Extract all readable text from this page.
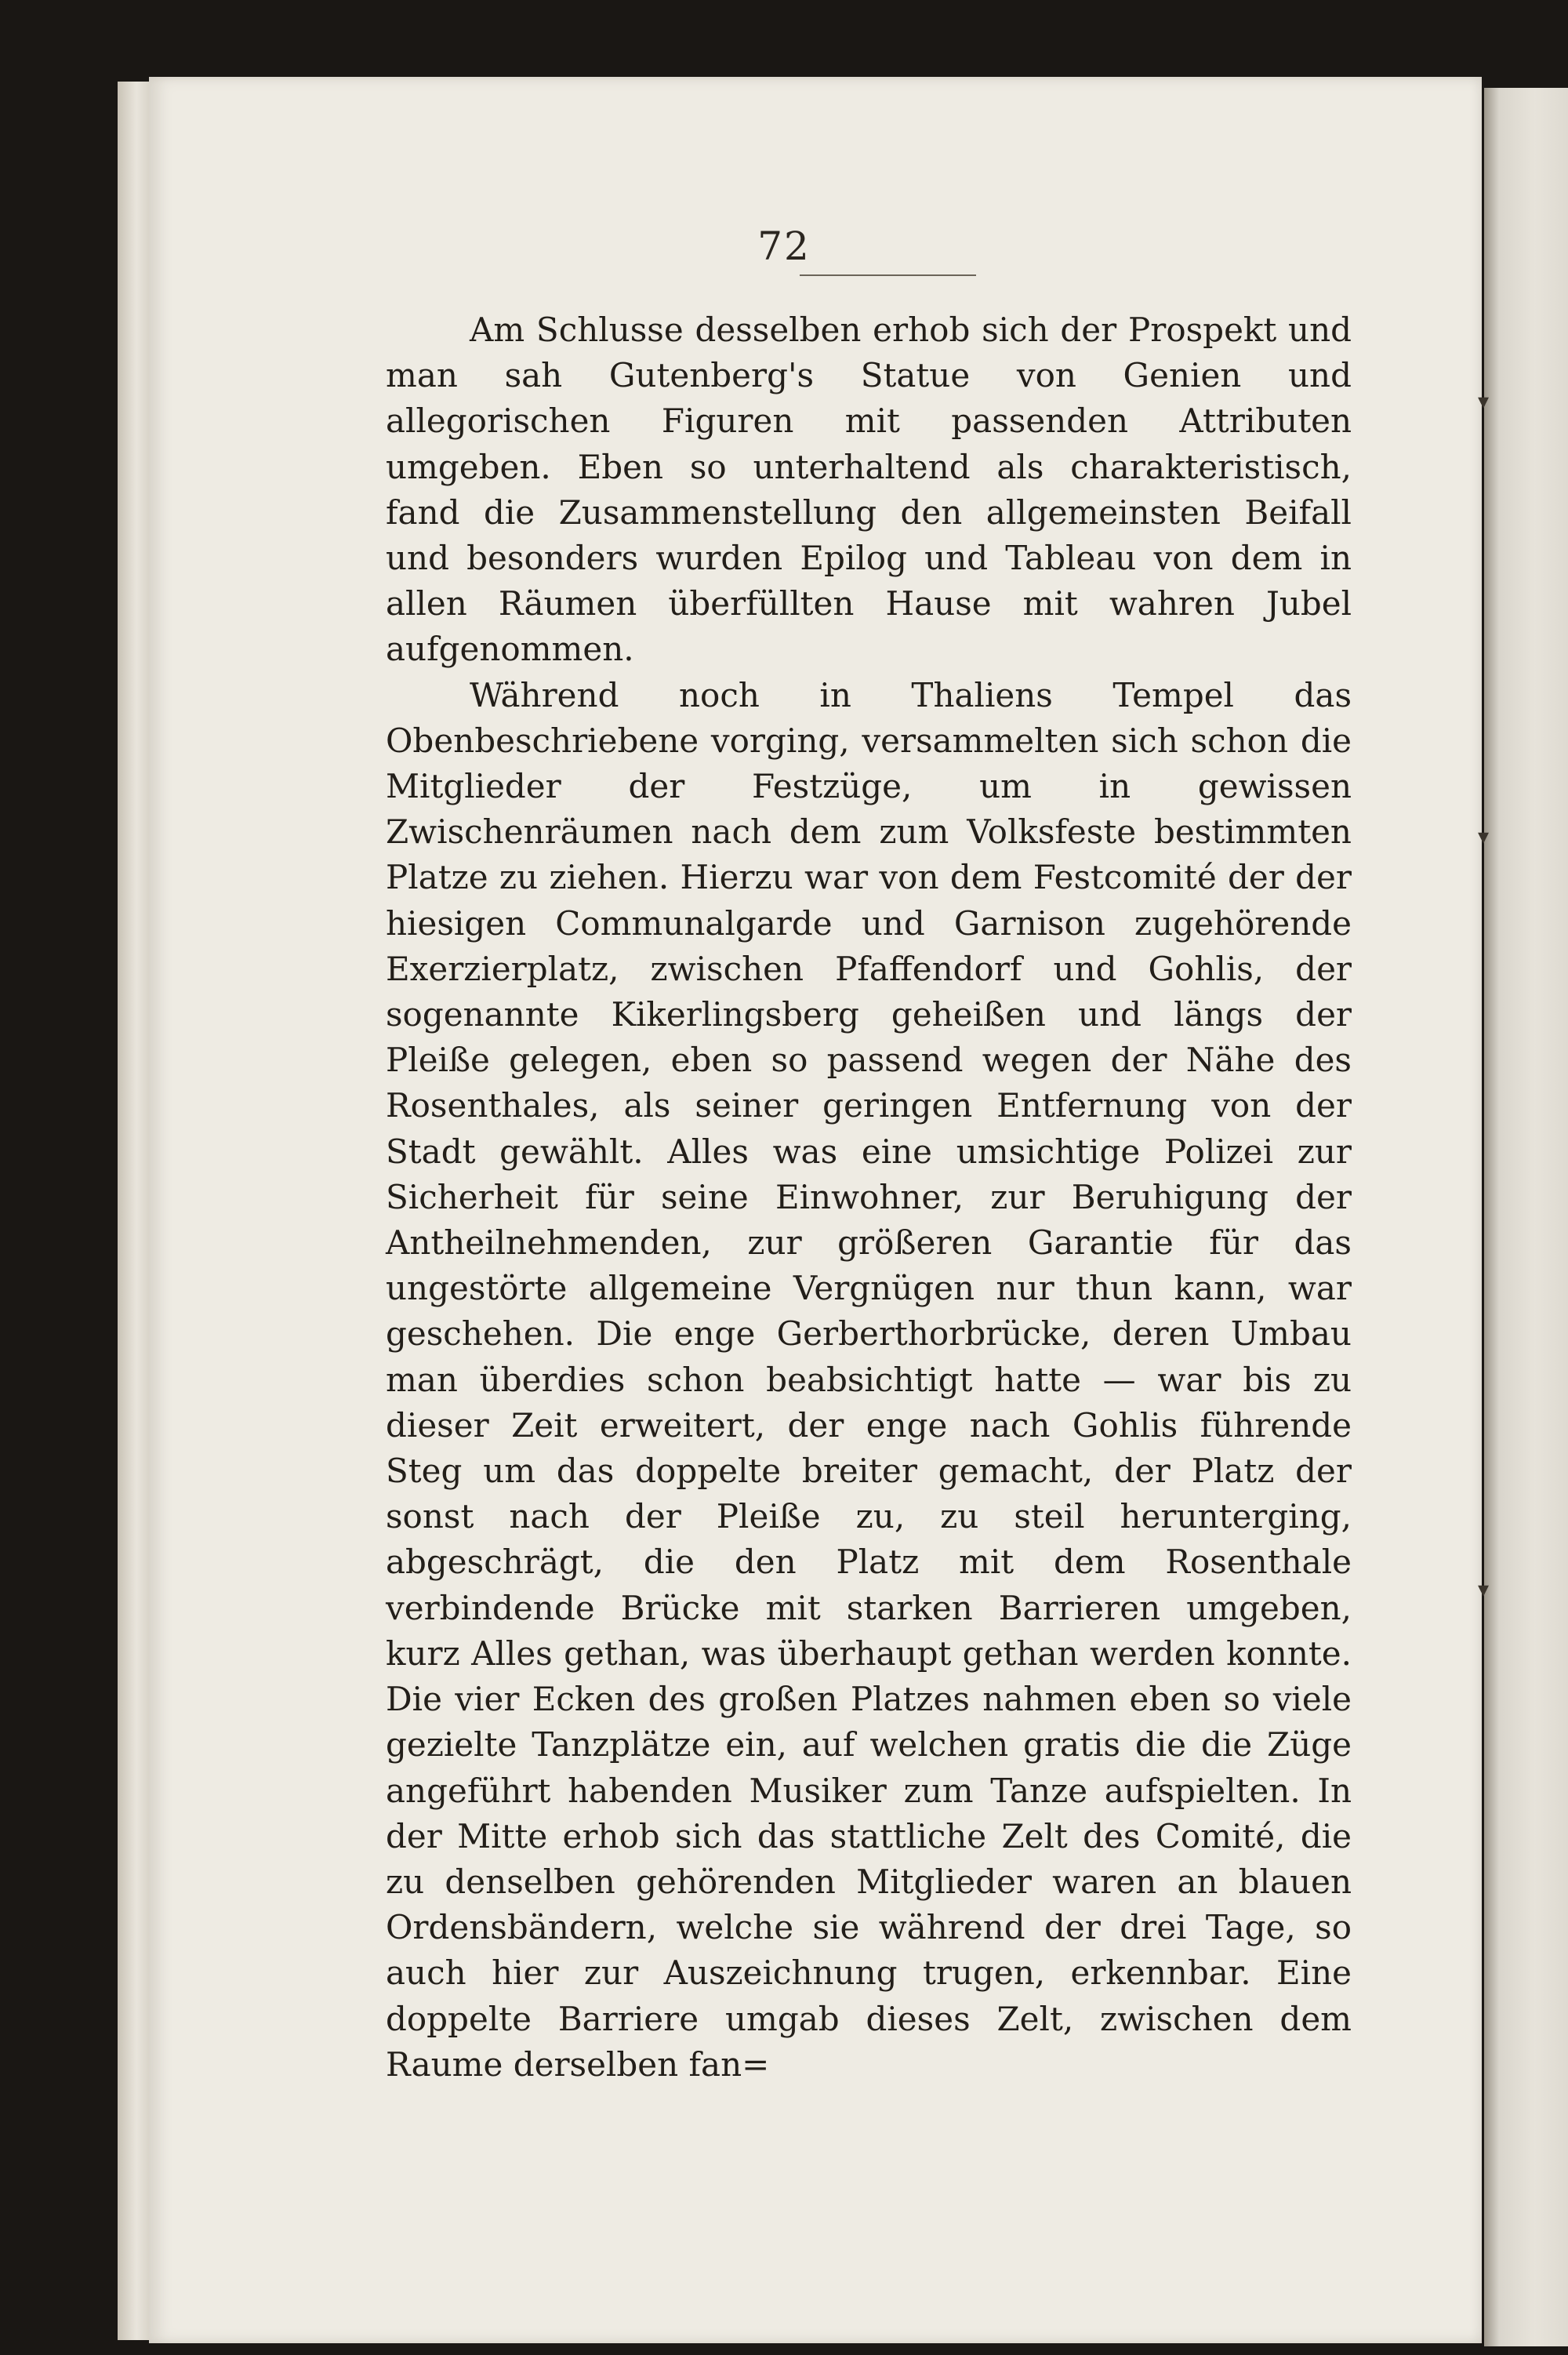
72

Am Schlusse desselben erhob sich der Prospekt und man sah Gutenberg's Statue von Genien und allegorischen Figuren mit passenden Attributen umgeben. Eben so unterhaltend als charakteristisch, fand die Zusammenstellung den allgemeinsten Beifall und besonders wurden Epilog und Tableau von dem in allen Räumen überfüllten Hause mit wahren Jubel aufgenommen.

Während noch in Thaliens Tempel das Obenbeschriebene vorging, versammelten sich schon die Mitglieder der Festzüge, um in gewissen Zwischenräumen nach dem zum Volksfeste bestimmten Platze zu ziehen. Hierzu war von dem Festcomité der der hiesigen Communalgarde und Garnison zugehörende Exerzierplatz, zwischen Pfaffendorf und Gohlis, der sogenannte Kikerlingsberg geheißen und längs der Pleiße gelegen, eben so passend wegen der Nähe des Rosenthales, als seiner geringen Entfernung von der Stadt gewählt. Alles was eine umsichtige Polizei zur Sicherheit für seine Einwohner, zur Beruhigung der Antheilnehmenden, zur größeren Garantie für das ungestörte allgemeine Vergnügen nur thun kann, war geschehen. Die enge Gerberthorbrücke, deren Umbau man überdies schon beabsichtigt hatte — war bis zu dieser Zeit erweitert, der enge nach Gohlis führende Steg um das doppelte breiter gemacht, der Platz der sonst nach der Pleiße zu, zu steil herunterging, abgeschrägt, die den Platz mit dem Rosenthale verbindende Brücke mit starken Barrieren umgeben, kurz Alles gethan, was überhaupt gethan werden konnte. Die vier Ecken des großen Platzes nahmen eben so viele gezielte Tanzplätze ein, auf welchen gratis die die Züge angeführt habenden Musiker zum Tanze aufspielten. In der Mitte erhob sich das stattliche Zelt des Comité, die zu denselben gehörenden Mitglieder waren an blauen Ordensbändern, welche sie während der drei Tage, so auch hier zur Auszeichnung trugen, erkennbar. Eine doppelte Barriere umgab dieses Zelt, zwischen dem Raume derselben fan=

▾
▾
▾
